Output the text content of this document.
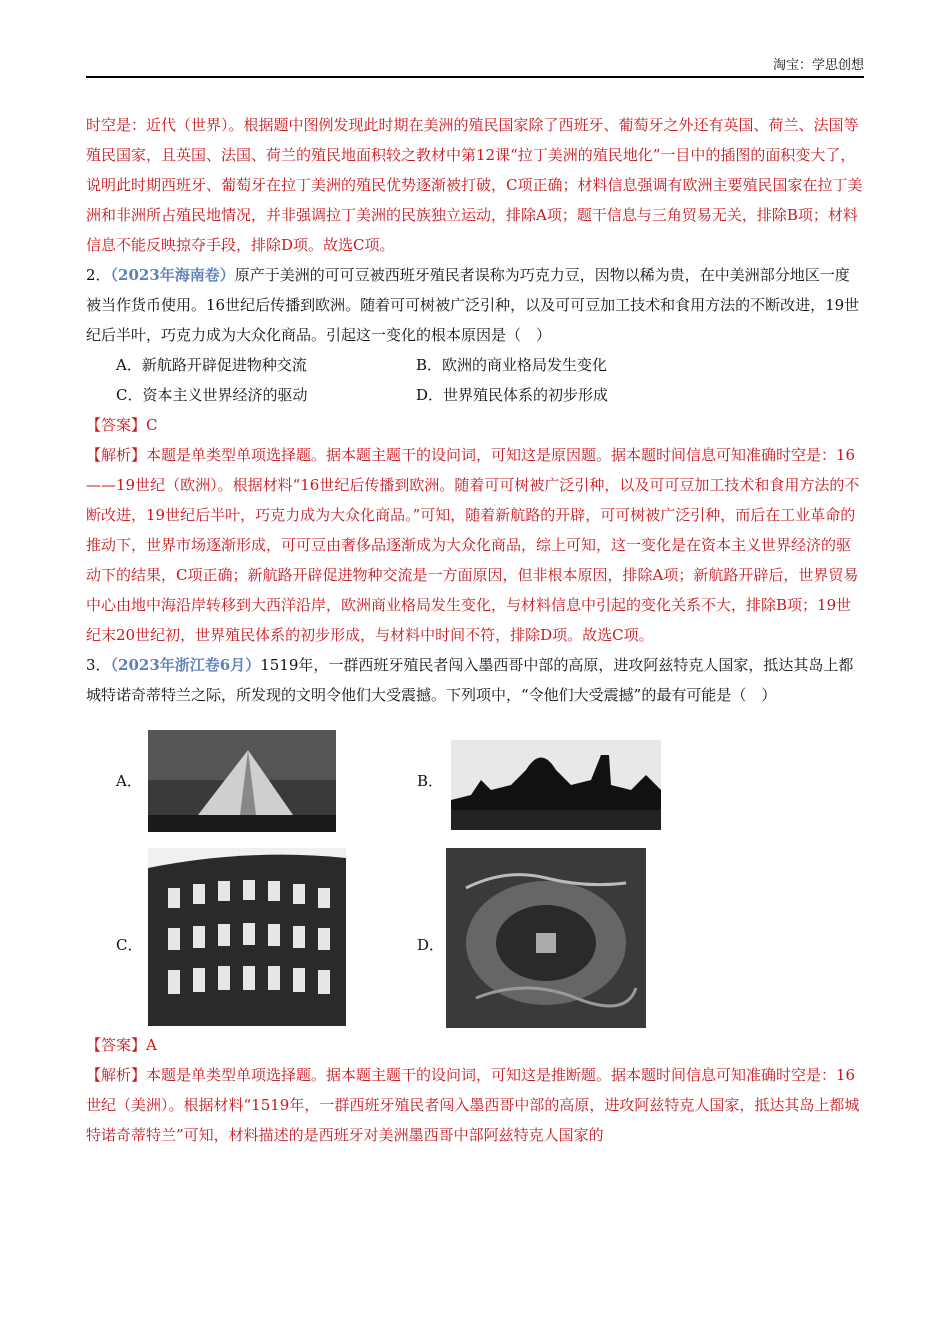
淘宝：学思创想

时空是：近代（世界）。根据题中图例发现此时期在美洲的殖民国家除了西班牙、葡萄牙之外还有英国、荷兰、法国等殖民国家，且英国、法国、荷兰的殖民地面积较之教材中第12课“拉丁美洲的殖民地化”一目中的插图的面积变大了，说明此时期西班牙、葡萄牙在拉丁美洲的殖民优势逐渐被打破，C项正确；材料信息强调有欧洲主要殖民国家在拉丁美洲和非洲所占殖民地情况，并非强调拉丁美洲的民族独立运动，排除A项；题干信息与三角贸易无关，排除B项；材料信息不能反映掠夺手段，排除D项。故选C项。

2．（2023年海南卷）原产于美洲的可可豆被西班牙殖民者误称为巧克力豆，因物以稀为贵，在中美洲部分地区一度被当作货币使用。16世纪后传播到欧洲。随着可可树被广泛引种，以及可可豆加工技术和食用方法的不断改进，19世纪后半叶，巧克力成为大众化商品。引起这一变化的根本原因是（　）

A．新航路开辟促进物种交流	B．欧洲的商业格局发生变化
C．资本主义世界经济的驱动	D．世界殖民体系的初步形成

【答案】C

【解析】本题是单类型单项选择题。据本题主题干的设问词，可知这是原因题。据本题时间信息可知准确时空是：16——19世纪（欧洲）。根据材料“16世纪后传播到欧洲。随着可可树被广泛引种，以及可可豆加工技术和食用方法的不断改进，19世纪后半叶，巧克力成为大众化商品。”可知，随着新航路的开辟，可可树被广泛引种，而后在工业革命的推动下，世界市场逐渐形成，可可豆由奢侈品逐渐成为大众化商品，综上可知，这一变化是在资本主义世界经济的驱动下的结果，C项正确；新航路开辟促进物种交流是一方面原因，但非根本原因，排除A项；新航路开辟后，世界贸易中心由地中海沿岸转移到大西洋沿岸，欧洲商业格局发生变化，与材料信息中引起的变化关系不大，排除B项；19世纪末20世纪初，世界殖民体系的初步形成，与材料中时间不符，排除D项。故选C项。

3．（2023年浙江卷6月）1519年，一群西班牙殖民者闯入墨西哥中部的高原，进攻阿兹特克人国家，抵达其岛上都城特诺奇蒂特兰之际，所发现的文明令他们大受震撼。下列项中，“令他们大受震撼”的最有可能是（　）

A．	B．
C．	D．

【答案】A

【解析】本题是单类型单项选择题。据本题主题干的设问词，可知这是推断题。据本题时间信息可知准确时空是：16世纪（美洲）。根据材料“1519年，一群西班牙殖民者闯入墨西哥中部的高原，进攻阿兹特克人国家，抵达其岛上都城特诺奇蒂特兰”可知，材料描述的是西班牙对美洲墨西哥中部阿兹特克人国家的
